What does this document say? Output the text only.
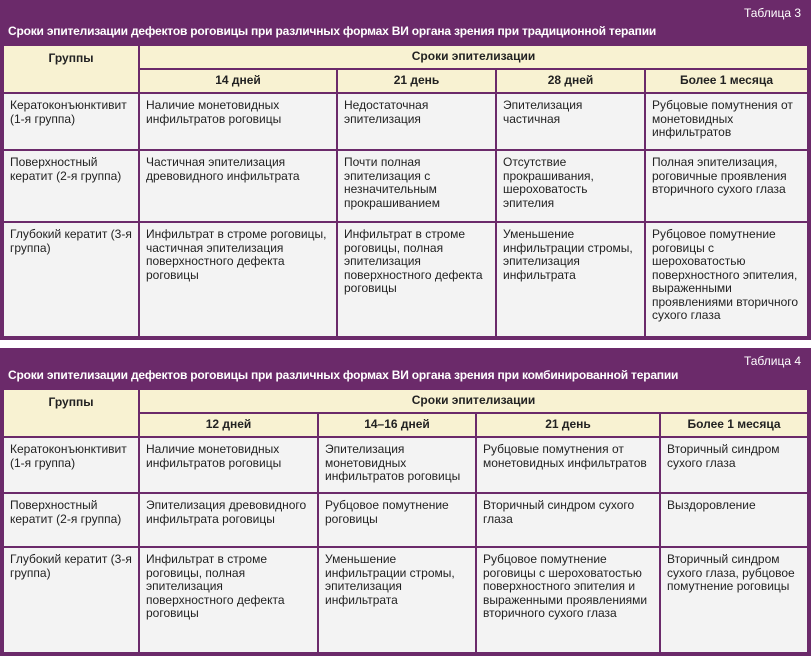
Таблица 3
Сроки эпителизации дефектов роговицы при различных формах ВИ органа зрения при традиционной терапии
Группы	Сроки эпителизации			
	14 дней	21 день	28 дней	Более 1 месяца
Кератоконъюнктивит (1-я группа)	Наличие монетовидных инфильтратов роговицы	Недостаточная эпителизация	Эпителизация частичная	Рубцовые помутнения от монетовидных инфильтратов
Поверхностный кератит (2-я группа)	Частичная эпителизация древовидного инфильтрата	Почти полная эпителизация с незначительным прокрашиванием	Отсутствие прокрашивания, шероховатость эпителия	Полная эпителизация, роговичные проявления вторичного сухого глаза
Глубокий кератит (3-я группа)	Инфильтрат в строме роговицы, частичная эпителизация поверхностного дефекта роговицы	Инфильтрат в строме роговицы, полная эпителизация поверхностного дефекта роговицы	Уменьшение инфильтрации стромы, эпителизация инфильтрата	Рубцовое помутнение роговицы с шероховатостью поверхностного эпителия, выраженными проявлениями вторичного сухого глаза
Таблица 4
Сроки эпителизации дефектов роговицы при различных формах ВИ органа зрения при комбинированной терапии
Группы	Сроки эпителизации			
	12 дней	14–16 дней	21 день	Более 1 месяца
Кератоконъюнктивит (1-я группа)	Наличие монетовидных инфильтратов роговицы	Эпителизация монетовидных инфильтратов роговицы	Рубцовые помутнения от монетовидных инфильтратов	Вторичный синдром сухого глаза
Поверхностный кератит (2-я группа)	Эпителизация древовидного инфильтрата роговицы	Рубцовое помутнение роговицы	Вторичный синдром сухого глаза	Выздоровление
Глубокий кератит (3-я группа)	Инфильтрат в строме роговицы, полная эпителизация поверхностного дефекта роговицы	Уменьшение инфильтрации стромы, эпителизация инфильтрата	Рубцовое помутнение роговицы с шероховатостью поверхностного эпителия и выраженными проявлениями вторичного сухого глаза	Вторичный синдром сухого глаза, рубцовое помутнение роговицы
